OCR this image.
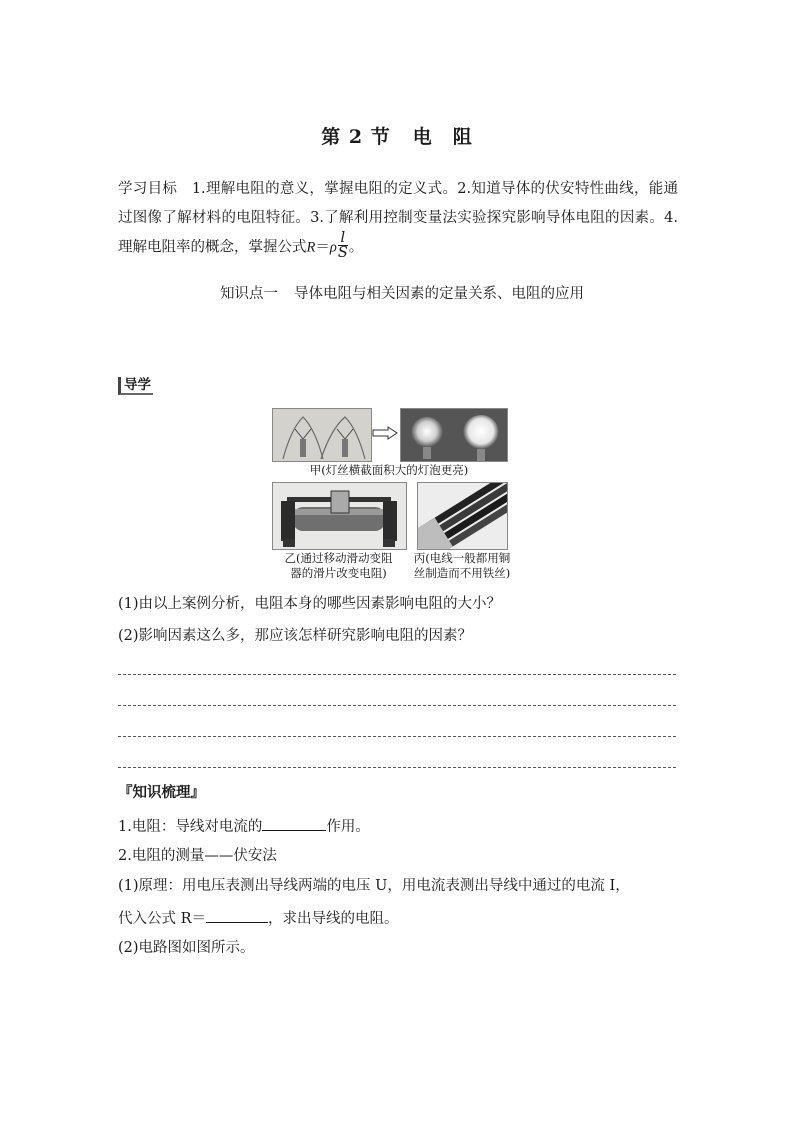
第 2 节 电　阻
学习目标 1.理解电阻的意义，掌握电阻的定义式。2.知道导体的伏安特性曲线，能通过图像了解材料的电阻特征。3.了解利用控制变量法实验探究影响导体电阻的因素。4.理解电阻率的概念，掌握公式$R=\rho \frac{l}{S}$ 。
知识点一 导体电阻与相关因素的定量关系、电阻的应用
导学
甲(灯丝横截面积大的灯泡更亮)
乙(通过移动滑动变阻
器的滑片改变电阻)
丙(电线一般都用铜
丝制造而不用铁丝)
(1)由以上案例分析，电阻本身的哪些因素影响电阻的大小？
(2)影响因素这么多，那应该怎样研究影响电阻的因素？
『知识梳理』
1.电阻：导线对电流的	作用。
2.电阻的测量——伏安法
(1)原理：用电压表测出导线两端的电压 U，用电流表测出导线中通过的电流 I，
代入公式 R＝	，求出导线的电阻。
(2)电路图如图所示。
